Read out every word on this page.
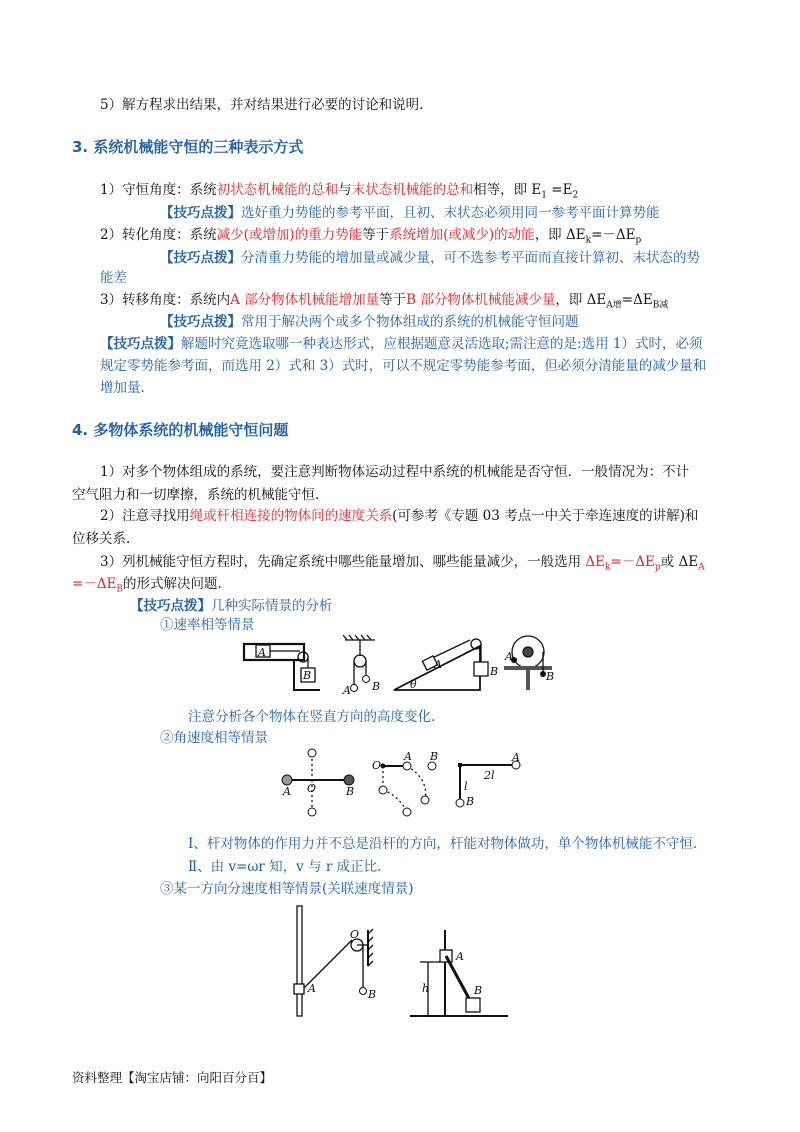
5）解方程求出结果，并对结果进行必要的讨论和说明.
3. 系统机械能守恒的三种表示方式
1）守恒角度：系统初状态机械能的总和与末状态机械能的总和相等，即 $E_1 =E_2$
【技巧点拨】选好重力势能的参考平面，且初、末状态必须用同一参考平面计算势能
2）转化角度：系统减少(或增加)的重力势能等于系统增加(或减少)的动能，即 $\Delta E_k=-\Delta E_p$
【技巧点拨】分清重力势能的增加量或减少量，可不选参考平面而直接计算初、末状态的势
能差
3）转移角度：系统内A 部分物体机械能增加量等于B 部分物体机械能减少量，即 $\Delta E_{A增}=\Delta E_{B减}$
【技巧点拨】常用于解决两个或多个物体组成的系统的机械能守恒问题
【技巧点拨】解题时究竟选取哪一种表达形式，应根据题意灵活选取;需注意的是:选用 1）式时，必须
规定零势能参考面，而选用 2）式和 3）式时，可以不规定零势能参考面，但必须分清能量的减少量和
增加量.
4. 多物体系统的机械能守恒问题
1）对多个物体组成的系统，要注意判断物体运动过程中系统的机械能是否守恒．一般情况为：不计
空气阻力和一切摩擦，系统的机械能守恒.
2）注意寻找用绳或杆相连接的物体间的速度关系(可参考《专题 03 考点一中关于牵连速度的讲解)和
位移关系.
3）列机械能守恒方程时，先确定系统中哪些能量增加、哪些能量减少，一般选用 $\Delta E_k=-\Delta E_p$或 $\Delta E_A$
$=-\Delta E_B$的形式解决问题.
【技巧点拨】几种实际情景的分析
①速率相等情景
A
B
A B
A
θ
B
A
B
注意分析各个物体在竖直方向的高度变化.
②角速度相等情景
A O	B
O
A B	A
2l
l
B
Ⅰ、杆对物体的作用力并不总是沿杆的方向，杆能对物体做功，单个物体机械能不守恒.
Ⅱ、由 v=ωr 知，v 与 r 成正比.
③某一方向分速度相等情景(关联速度情景)
O
A	B
A
B
h
资料整理【淘宝店铺：向阳百分百】
